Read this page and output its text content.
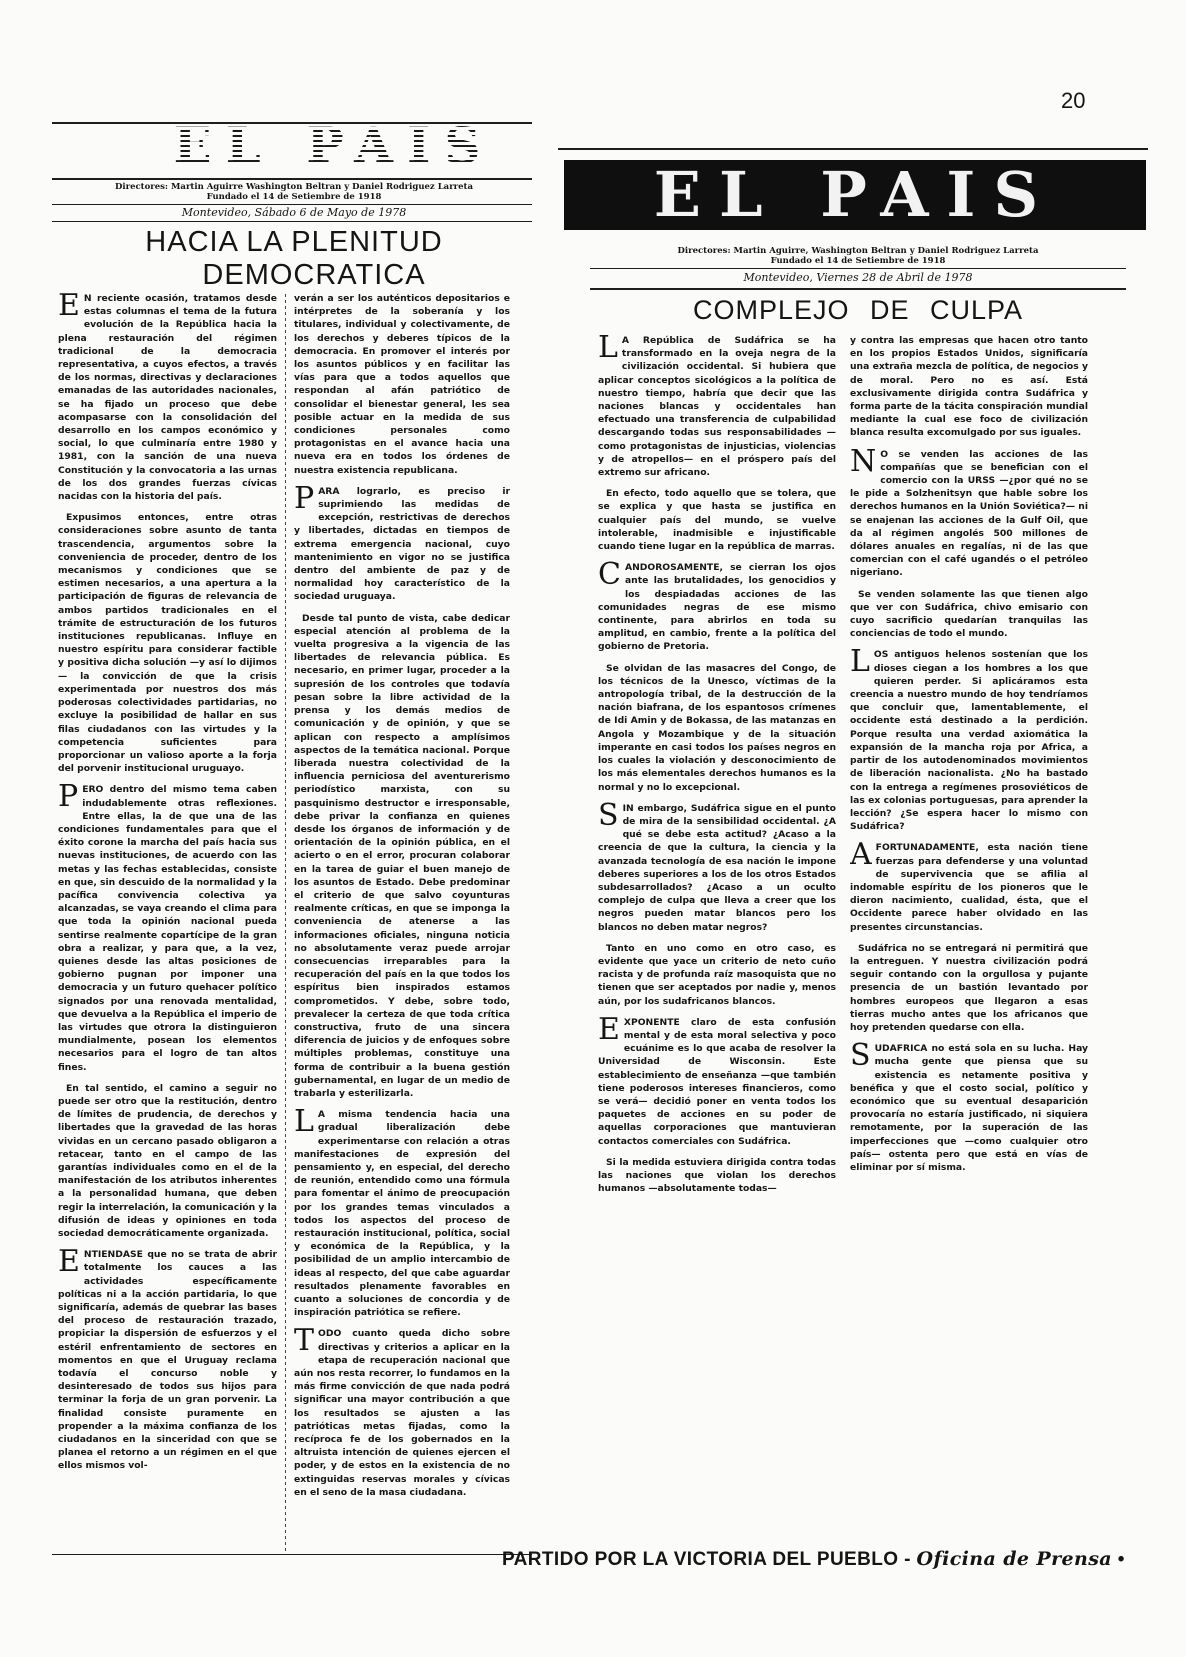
20
EL PAIS
Directores: Martin Aguirre Washington Beltran y Daniel Rodriguez Larreta
Fundado el 14 de Setiembre de 1918
Montevideo, Sábado 6 de Mayo de 1978
HACIA LA PLENITUD
DEMOCRATICA

E N reciente ocasión, tratamos desde estas columnas el tema de la futura evolución de la República hacia la plena restauración del régimen tradicional de la democracia representativa, a cuyos efectos, a través de los normas, directivas y declaraciones emanadas de las autoridades nacionales, se ha fijado un proceso que debe acompasarse con la consolidación del desarrollo en los campos económico y social, lo que culminaría entre 1980 y 1981, con la sanción de una nueva Constitución y la convocatoria a las urnas de los dos grandes fuerzas cívicas nacidas con la historia del país.

Expusimos entonces, entre otras consideraciones sobre asunto de tanta trascendencia, argumentos sobre la conveniencia de proceder, dentro de los mecanismos y condiciones que se estimen necesarios, a una apertura a la participación de figuras de relevancia de ambos partidos tradicionales en el trámite de estructuración de los futuros instituciones republicanas. Influye en nuestro espíritu para considerar factible y positiva dicha solución —y así lo dijimos— la convicción de que la crisis experimentada por nuestros dos más poderosas colectividades partidarias, no excluye la posibilidad de hallar en sus filas ciudadanos con las virtudes y la competencia suficientes para proporcionar un valioso aporte a la forja del porvenir institucional uruguayo.

PERO dentro del mismo tema caben indudablemente otras reflexiones. Entre ellas, la de que una de las condiciones fundamentales para que el éxito corone la marcha del país hacia sus nuevas instituciones, de acuerdo con las metas y las fechas establecidas, consiste en que, sin descuido de la normalidad y la pacífica convivencia colectiva ya alcanzadas, se vaya creando el clima para que toda la opinión nacional pueda sentirse realmente copartícipe de la gran obra a realizar, y para que, a la vez, quienes desde las altas posiciones de gobierno pugnan por imponer una democracia y un futuro quehacer político signados por una renovada mentalidad, que devuelva a la República el imperio de las virtudes que otrora la distinguieron mundialmente, posean los elementos necesarios para el logro de tan altos fines.

En tal sentido, el camino a seguir no puede ser otro que la restitución, dentro de límites de prudencia, de derechos y libertades que la gravedad de las horas vividas en un cercano pasado obligaron a retacear, tanto en el campo de las garantías individuales como en el de la manifestación de los atributos inherentes a la personalidad humana, que deben regir la interrelación, la comunicación y la difusión de ideas y opiniones en toda sociedad democráticamente organizada.

ENTIENDASE que no se trata de abrir totalmente los cauces a las actividades específicamente políticas ni a la acción partidaria, lo que significaría, además de quebrar las bases del proceso de restauración trazado, propiciar la dispersión de esfuerzos y el estéril enfrentamiento de sectores en momentos en que el Uruguay reclama todavía el concurso noble y desinteresado de todos sus hijos para terminar la forja de un gran porvenir. La finalidad consiste puramente en propender a la máxima confianza de los ciudadanos en la sinceridad con que se planea el retorno a un régimen en el que ellos mismos vol-

verán a ser los auténticos depositarios e intérpretes de la soberanía y los titulares, individual y colectivamente, de los derechos y deberes típicos de la democracia. En promover el interés por los asuntos públicos y en facilitar las vías para que a todos aquellos que respondan al afán patriótico de consolidar el bienestar general, les sea posible actuar en la medida de sus condiciones personales como protagonistas en el avance hacia una nueva era en todos los órdenes de nuestra existencia republicana.

PARA lograrlo, es preciso ir suprimiendo las medidas de excepción, restrictivas de derechos y libertades, dictadas en tiempos de extrema emergencia nacional, cuyo mantenimiento en vigor no se justifica dentro del ambiente de paz y de normalidad hoy característico de la sociedad uruguaya.

Desde tal punto de vista, cabe dedicar especial atención al problema de la vuelta progresiva a la vigencia de las libertades de relevancia pública. Es necesario, en primer lugar, proceder a la supresión de los controles que todavía pesan sobre la libre actividad de la prensa y los demás medios de comunicación y de opinión, y que se aplican con respecto a amplísimos aspectos de la temática nacional. Porque liberada nuestra colectividad de la influencia perniciosa del aventurerismo periodístico marxista, con su pasquinismo destructor e irresponsable, debe privar la confianza en quienes desde los órganos de información y de orientación de la opinión pública, en el acierto o en el error, procuran colaborar en la tarea de guiar el buen manejo de los asuntos de Estado. Debe predominar el criterio de que salvo coyunturas realmente críticas, en que se imponga la conveniencia de atenerse a las informaciones oficiales, ninguna noticia no absolutamente veraz puede arrojar consecuencias irreparables para la recuperación del país en la que todos los espíritus bien inspirados estamos comprometidos. Y debe, sobre todo, prevalecer la certeza de que toda crítica constructiva, fruto de una sincera diferencia de juicios y de enfoques sobre múltiples problemas, constituye una forma de contribuir a la buena gestión gubernamental, en lugar de un medio de trabarla y esterilizarla.

L A misma tendencia hacia una gradual liberalización debe experimentarse con relación a otras manifestaciones de expresión del pensamiento y, en especial, del derecho de reunión, entendido como una fórmula para fomentar el ánimo de preocupación por los grandes temas vinculados a todos los aspectos del proceso de restauración institucional, política, social y económica de la República, y la posibilidad de un amplio intercambio de ideas al respecto, del que cabe aguardar resultados plenamente favorables en cuanto a soluciones de concordia y de inspiración patriótica se refiere.

TODO cuanto queda dicho sobre directivas y criterios a aplicar en la etapa de recuperación nacional que aún nos resta recorrer, lo fundamos en la más firme convicción de que nada podrá significar una mayor contribución a que los resultados se ajusten a las patrióticas metas fijadas, como la recíproca fe de los gobernados en la altruista intención de quienes ejercen el poder, y de estos en la existencia de no extinguidas reservas morales y cívicas en el seno de la masa ciudadana.

EL PAIS
Directores: Martin Aguirre, Washington Beltran y Daniel Rodriguez Larreta
Fundado el 14 de Setiembre de 1918
Montevideo, Viernes 28 de Abril de 1978
COMPLEJO DE CULPA

L A República de Sudáfrica se ha transformado en la oveja negra de la civilización occidental. Si hubiera que aplicar conceptos sicológicos a la política de nuestro tiempo, habría que decir que las naciones blancas y occidentales han efectuado una transferencia de culpabilidad descargando todas sus responsabilidades —como protagonistas de injusticias, violencias y de atropellos— en el próspero país del extremo sur africano.

En efecto, todo aquello que se tolera, que se explica y que hasta se justifica en cualquier país del mundo, se vuelve intolerable, inadmisible e injustificable cuando tiene lugar en la república de marras.

CANDOROSAMENTE, se cierran los ojos ante las brutalidades, los genocidios y los despiadadas acciones de las comunidades negras de ese mismo continente, para abrirlos en toda su amplitud, en cambio, frente a la política del gobierno de Pretoria.

Se olvidan de las masacres del Congo, de los técnicos de la Unesco, víctimas de la antropología tribal, de la destrucción de la nación biafrana, de los espantosos crímenes de Idi Amin y de Bokassa, de las matanzas en Angola y Mozambique y de la situación imperante en casi todos los países negros en los cuales la violación y desconocimiento de los más elementales derechos humanos es la normal y no lo excepcional.

SIN embargo, Sudáfrica sigue en el punto de mira de la sensibilidad occidental. ¿A qué se debe esta actitud? ¿Acaso a la creencia de que la cultura, la ciencia y la avanzada tecnología de esa nación le impone deberes superiores a los de los otros Estados subdesarrollados? ¿Acaso a un oculto complejo de culpa que lleva a creer que los negros pueden matar blancos pero los blancos no deben matar negros?

Tanto en uno como en otro caso, es evidente que yace un criterio de neto cuño racista y de profunda raíz masoquista que no tienen que ser aceptados por nadie y, menos aún, por los sudafricanos blancos.

EXPONENTE claro de esta confusión mental y de esta moral selectiva y poco ecuánime es lo que acaba de resolver la Universidad de Wisconsin. Este establecimiento de enseñanza —que también tiene poderosos intereses financieros, como se verá— decidió poner en venta todos los paquetes de acciones en su poder de aquellas corporaciones que mantuvieran contactos comerciales con Sudáfrica.

Si la medida estuviera dirigida contra todas las naciones que violan los derechos humanos —absolutamente todas—

y contra las empresas que hacen otro tanto en los propios Estados Unidos, significaría una extraña mezcla de política, de negocios y de moral. Pero no es así. Está exclusivamente dirigida contra Sudáfrica y forma parte de la tácita conspiración mundial mediante la cual ese foco de civilización blanca resulta excomulgado por sus iguales.

N O se venden las acciones de las compañías que se benefician con el comercio con la URSS —¿por qué no se le pide a Solzhenitsyn que hable sobre los derechos humanos en la Unión Soviética?— ni se enajenan las acciones de la Gulf Oil, que da al régimen angolés 500 millones de dólares anuales en regalías, ni de las que comercian con el café ugandés o el petróleo nigeriano.

Se venden solamente las que tienen algo que ver con Sudáfrica, chivo emisario con cuyo sacrificio quedarían tranquilas las conciencias de todo el mundo.

LOS antiguos helenos sostenían que los dioses ciegan a los hombres a los que quieren perder. Si aplicáramos esta creencia a nuestro mundo de hoy tendríamos que concluir que, lamentablemente, el occidente está destinado a la perdición. Porque resulta una verdad axiomática la expansión de la mancha roja por Africa, a partir de los autodenominados movimientos de liberación nacionalista. ¿No ha bastado con la entrega a regímenes prosoviéticos de las ex colonias portuguesas, para aprender la lección? ¿Se espera hacer lo mismo con Sudáfrica?

AFORTUNADAMENTE, esta nación tiene fuerzas para defenderse y una voluntad de supervivencia que se afilia al indomable espíritu de los pioneros que le dieron nacimiento, cualidad, ésta, que el Occidente parece haber olvidado en las presentes circunstancias.

Sudáfrica no se entregará ni permitirá que la entreguen. Y nuestra civilización podrá seguir contando con la orgullosa y pujante presencia de un bastión levantado por hombres europeos que llegaron a esas tierras mucho antes que los africanos que hoy pretenden quedarse con ella.

SUDAFRICA no está sola en su lucha. Hay mucha gente que piensa que su existencia es netamente positiva y benéfica y que el costo social, político y económico que su eventual desaparición provocaría no estaría justificado, ni siquiera remotamente, por la superación de las imperfecciones que —como cualquier otro país— ostenta pero que está en vías de eliminar por sí misma.

PARTIDO POR LA VICTORIA DEL PUEBLO - Oficina de Prensa •
